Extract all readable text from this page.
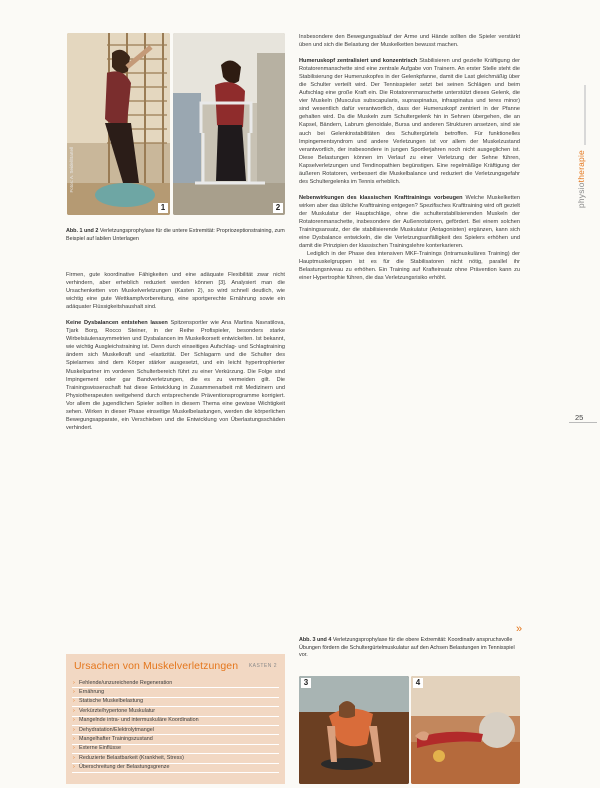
Fotos: A. Seidel/Bartell
1	2
Abb. 1 und 2 Verletzungsprophylaxe für die untere Extremität: Propriozeptionstraining, zum Beispiel auf labilen Unterlagen

Firmen, gute koordinative Fähigkeiten und eine adäquate Flexibilität zwar nicht verhindern, aber erheblich reduziert werden können [3]. Analysiert man die Ursachenketten von Muskelverletzungen (Kasten 2), so wird schnell deutlich, wie wichtig eine gute Wettkampfvorbereitung, eine sportgerechte Ernährung sowie ein adäquater Flüssigkeitshaushalt sind.

Keine Dysbalancen entstehen lassen Spitzensportler wie Ana Martina Navratilova, Tjark Borg, Rocco Steiner, in der Reihe Profispieler, besonders starke Wirbelsäulenasymmetrien und Dysbalancen im Muskelkorsett entwickelten. Ist bekannt, wie wichtig Ausgleichstraining ist. Denn durch einseitiges Aufschlag- und Schlagtraining ändern sich Muskelkraft und -elastizität. Der Schlagarm und die Schulter des Spielarmes sind dem Körper stärker ausgesetzt, und ein leicht hypertrophierter Muskelpartner im vorderen Schulterbereich führt zu einer Verkürzung. Die Folge sind Impingement oder gar Bandverletzungen, die es zu vermeiden gilt. Die Trainingswissenschaft hat diese Entwicklung in Zusammenarbeit mit Medizinern und Physiotherapeuten weitgehend durch entsprechende Präventionsprogramme korrigiert. Vor allem die jugendlichen Spieler sollten in diesem Thema eine gewisse Wichtigkeit sehen. Wirken in dieser Phase einseitige Muskelbelastungen, werden die körperlichen Bewegungsapparate, ein Verschieben und die Entwicklung von Überlastungsschäden verhindert.

Ursachen von Muskelverletzungen KASTEN 2
› Fehlende/unzureichende Regeneration
› Ernährung
› Statische Muskelbelastung
› Verkürzte/hypertone Muskulatur
› Mangelnde intra- und intermuskuläre Koordination
› Dehydratation/Elektrolytmangel
› Mangelhafter Trainingszustand
› Externe Einflüsse
› Reduzierte Belastbarkeit (Krankheit, Stress)
› Überschreitung der Belastungsgrenze

Insbesondere den Bewegungsablauf der Arme und Hände sollten die Spieler verstärkt üben und sich die Belastung der Muskelketten bewusst machen.

Humeruskopf zentralisiert und konzentrisch Stabilisieren und gezielte Kräftigung der Rotatorenmanschette sind eine zentrale Aufgabe von Trainern. An erster Stelle steht die Stabilisierung der Humeruskopfes in der Gelenkpfanne, damit die Last gleichmäßig über die Schulter verteilt wird. Der Tennisspieler setzt bei seinen Schlägen und beim Aufschlag eine große Kraft ein. Die Rotatorenmanschette unterstützt dieses Gelenk, die vier Muskeln (Musculus subscapularis, supraspinatus, infraspinatus und teres minor) sind wesentlich dafür verantwortlich, dass der Humeruskopf zentriert in der Pfanne gehalten wird. Da die Muskeln zum Schultergelenk hin in Sehnen übergehen, die an Kapsel, Bändern, Labrum glenoidale, Bursa und anderen Strukturen ansetzen, sind sie auch bei Gelenkinstabilitäten des Schultergürtels betroffen. Für funktionelles Impingementsyndrom und andere Verletzungen ist vor allem der Muskelzustand verantwortlich, der insbesondere in jungen Sportlerjahren noch nicht ausgeglichen ist. Diese Belastungen können im Verlauf zu einer Verletzung der Sehne führen, Kapselverletzungen und Tendinopathien begünstigen. Eine regelmäßige Kräftigung der äußeren Rotatoren, verbessert die Muskelbalance und reduziert die Verletzungsgefahr des Schultergelenks im Tennis erheblich.

Nebenwirkungen des klassischen Krafttrainings vorbeugen Welche Muskelketten wirken aber das übliche Krafttraining entgegen? Spezifisches Krafttraining wird oft gezielt der Muskulatur der Hauptschläge, ohne die schulterstabilisierenden Muskeln der Rotatorenmanschette, insbesondere der Außenrotatoren, gefördert. Bei einem solchen Trainingsansatz, der die stabilisierende Muskulatur (Antagonisten) ergänzen, kann sich eine Dysbalance entwickeln, die die Verletzungsanfälligkeit des Spielers erhöhen und damit die Prinzipien der klassischen Trainingslehre konterkarieren.

Lediglich in der Phase des intensiven MKF-Trainings (Intramuskuläres Training) der Hauptmuskelgruppen ist es für die Stabilisatoren nicht nötig, parallel ihr Belastungsniveau zu erhöhen. Ein Training auf Krafteinsatz ohne Prävention kann zu einer Hypertrophie führen, die das Verletzungsrisiko erhöht.

Abb. 3 und 4 Verletzungsprophylaxe für die obere Extremität: Koordinativ anspruchsvolle Übungen fördern die Schultergürtelmuskulatur auf den Achsen Belastungen im Tennisspiel vor.
3	4
physiotherapie
25
»
